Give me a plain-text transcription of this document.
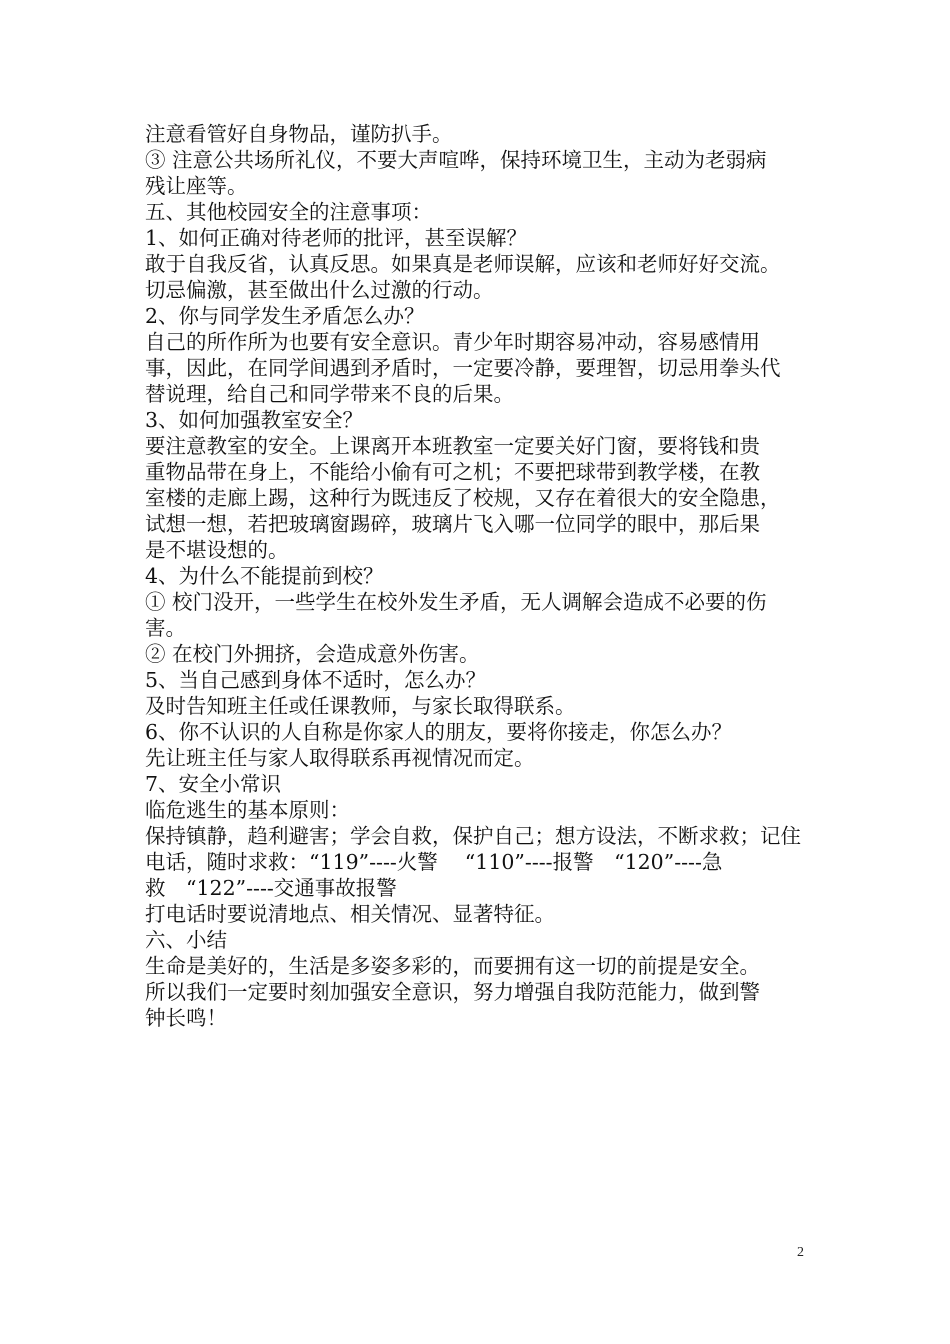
注意看管好自身物品，谨防扒手。
③ 注意公共场所礼仪，不要大声喧哗，保持环境卫生，主动为老弱病
残让座等。
五、其他校园安全的注意事项：
1、如何正确对待老师的批评，甚至误解？
敢于自我反省，认真反思。如果真是老师误解，应该和老师好好交流。
切忌偏激，甚至做出什么过激的行动。
2、你与同学发生矛盾怎么办？
自己的所作所为也要有安全意识。青少年时期容易冲动，容易感情用
事，因此，在同学间遇到矛盾时，一定要冷静，要理智，切忌用拳头代
替说理，给自己和同学带来不良的后果。
3、如何加强教室安全？
要注意教室的安全。上课离开本班教室一定要关好门窗，要将钱和贵
重物品带在身上，不能给小偷有可之机；不要把球带到教学楼，在教
室楼的走廊上踢，这种行为既违反了校规，又存在着很大的安全隐患，
试想一想，若把玻璃窗踢碎，玻璃片飞入哪一位同学的眼中，那后果
是不堪设想的。
4、为什么不能提前到校？
① 校门没开，一些学生在校外发生矛盾，无人调解会造成不必要的伤
害。
② 在校门外拥挤，会造成意外伤害。
5、当自己感到身体不适时，怎么办？
及时告知班主任或任课教师，与家长取得联系。
6、你不认识的人自称是你家人的朋友，要将你接走，你怎么办？
先让班主任与家人取得联系再视情况而定。
7、安全小常识
临危逃生的基本原则：
保持镇静，趋利避害；学会自救，保护自己；想方设法，不断求救；记住
电话，随时求救：“119”----火警　 “110”----报警　“120”----急
救　“122”----交通事故报警
打电话时要说清地点、相关情况、显著特征。
六、小结
生命是美好的，生活是多姿多彩的，而要拥有这一切的前提是安全。
所以我们一定要时刻加强安全意识，努力增强自我防范能力，做到警
钟长鸣！
2
